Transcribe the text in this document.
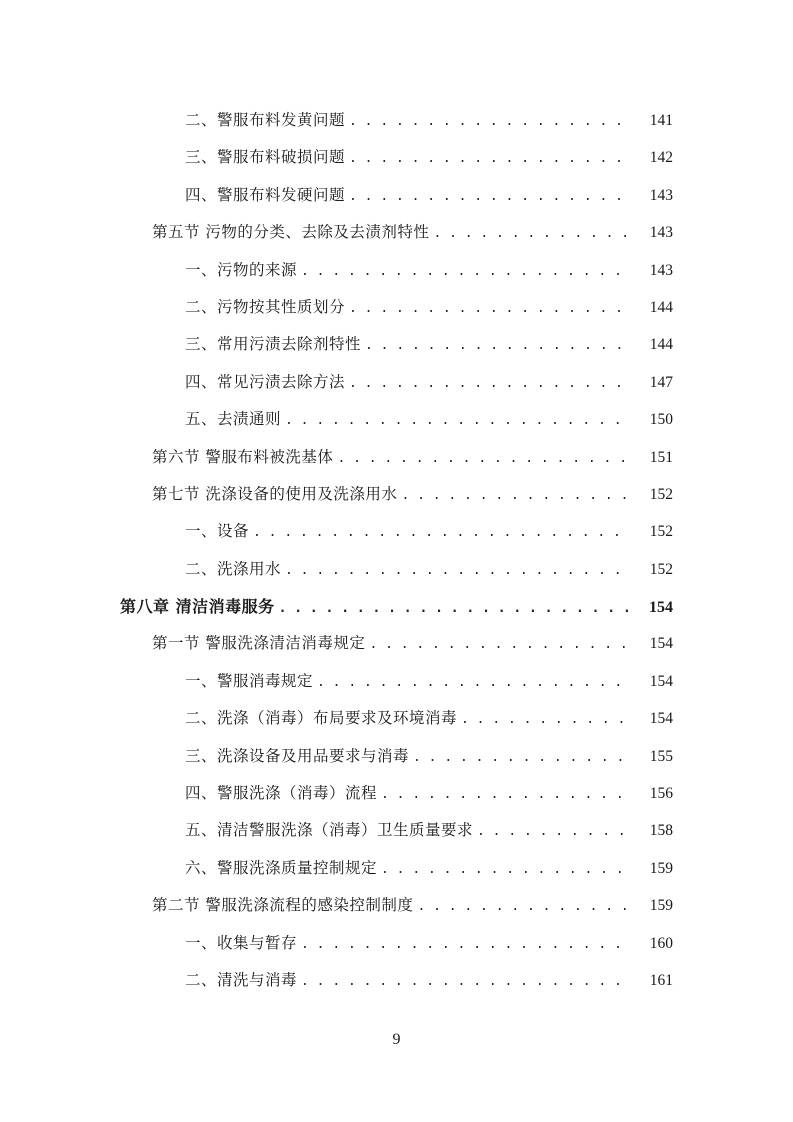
二、警服布料发黄问题 . . .	141
三、警服布料破损问题 . . .	142
四、警服布料发硬问题 . . .	143
第五节 污物的分类、去除及去渍剂特性 . . .	143
一、污物的来源 . . .	143
二、污物按其性质划分 . . .	144
三、常用污渍去除剂特性 . . .	144
四、常见污渍去除方法 . . .	147
五、去渍通则 . . .	150
第六节 警服布料被洗基体 . . .	151
第七节 洗涤设备的使用及洗涤用水 . . .	152
一、设备 . . .	152
二、洗涤用水 . . .	152
第八章 清洁消毒服务 . . .	154
第一节 警服洗涤清洁消毒规定 . . .	154
一、警服消毒规定 . . .	154
二、洗涤（消毒）布局要求及环境消毒 . . .	154
三、洗涤设备及用品要求与消毒 . . .	155
四、警服洗涤（消毒）流程 . . .	156
五、清洁警服洗涤（消毒）卫生质量要求 . . .	158
六、警服洗涤质量控制规定 . . .	159
第二节 警服洗涤流程的感染控制制度 . . .	159
一、收集与暂存 . . .	160
二、清洗与消毒 . . .	161
9
